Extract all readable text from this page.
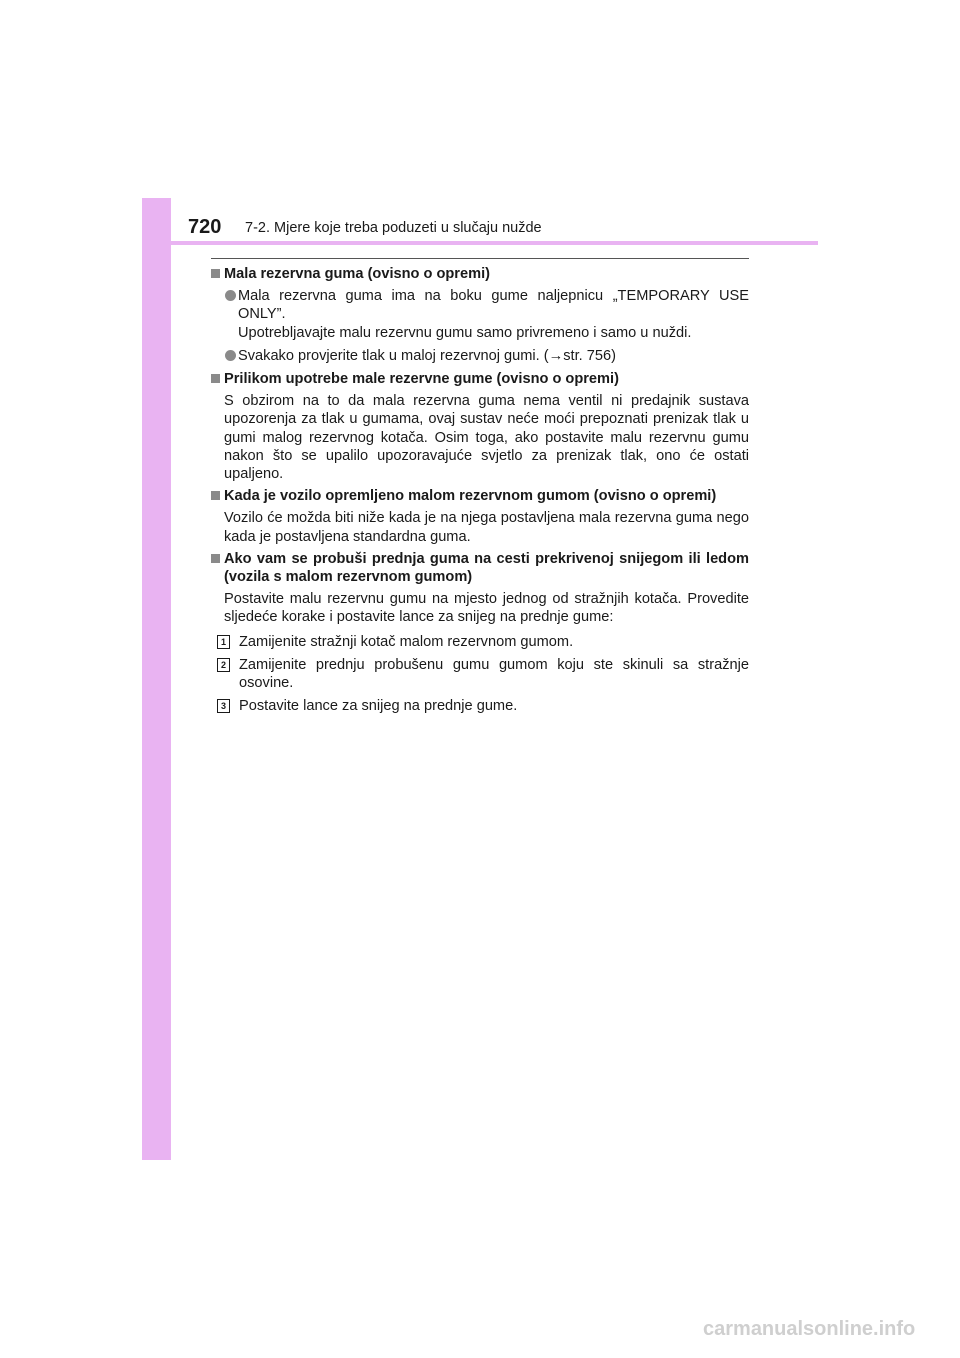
720 7-2. Mjere koje treba poduzeti u slučaju nužde
Mala rezervna guma (ovisno o opremi)
Mala rezervna guma ima na boku gume naljepnicu „TEMPORARY USE ONLY”.
Upotrebljavajte malu rezervnu gumu samo privremeno i samo u nuždi.
Svakako provjerite tlak u maloj rezervnoj gumi. (→str. 756)
Prilikom upotrebe male rezervne gume (ovisno o opremi)
S obzirom na to da mala rezervna guma nema ventil ni predajnik sustava upozorenja za tlak u gumama, ovaj sustav neće moći prepoznati prenizak tlak u gumi malog rezervnog kotača. Osim toga, ako postavite malu rezervnu gumu nakon što se upalilo upozoravajuće svjetlo za prenizak tlak, ono će ostati upaljeno.
Kada je vozilo opremljeno malom rezervnom gumom (ovisno o opremi)
Vozilo će možda biti niže kada je na njega postavljena mala rezervna guma nego kada je postavljena standardna guma.
Ako vam se probuši prednja guma na cesti prekrivenoj snijegom ili ledom (vozila s malom rezervnom gumom)
Postavite malu rezervnu gumu na mjesto jednog od stražnjih kotača. Provedite sljedeće korake i postavite lance za snijeg na prednje gume:
1 Zamijenite stražnji kotač malom rezervnom gumom.
2 Zamijenite prednju probušenu gumu gumom koju ste skinuli sa stražnje osovine.
3 Postavite lance za snijeg na prednje gume.
carmanualsonline.info
